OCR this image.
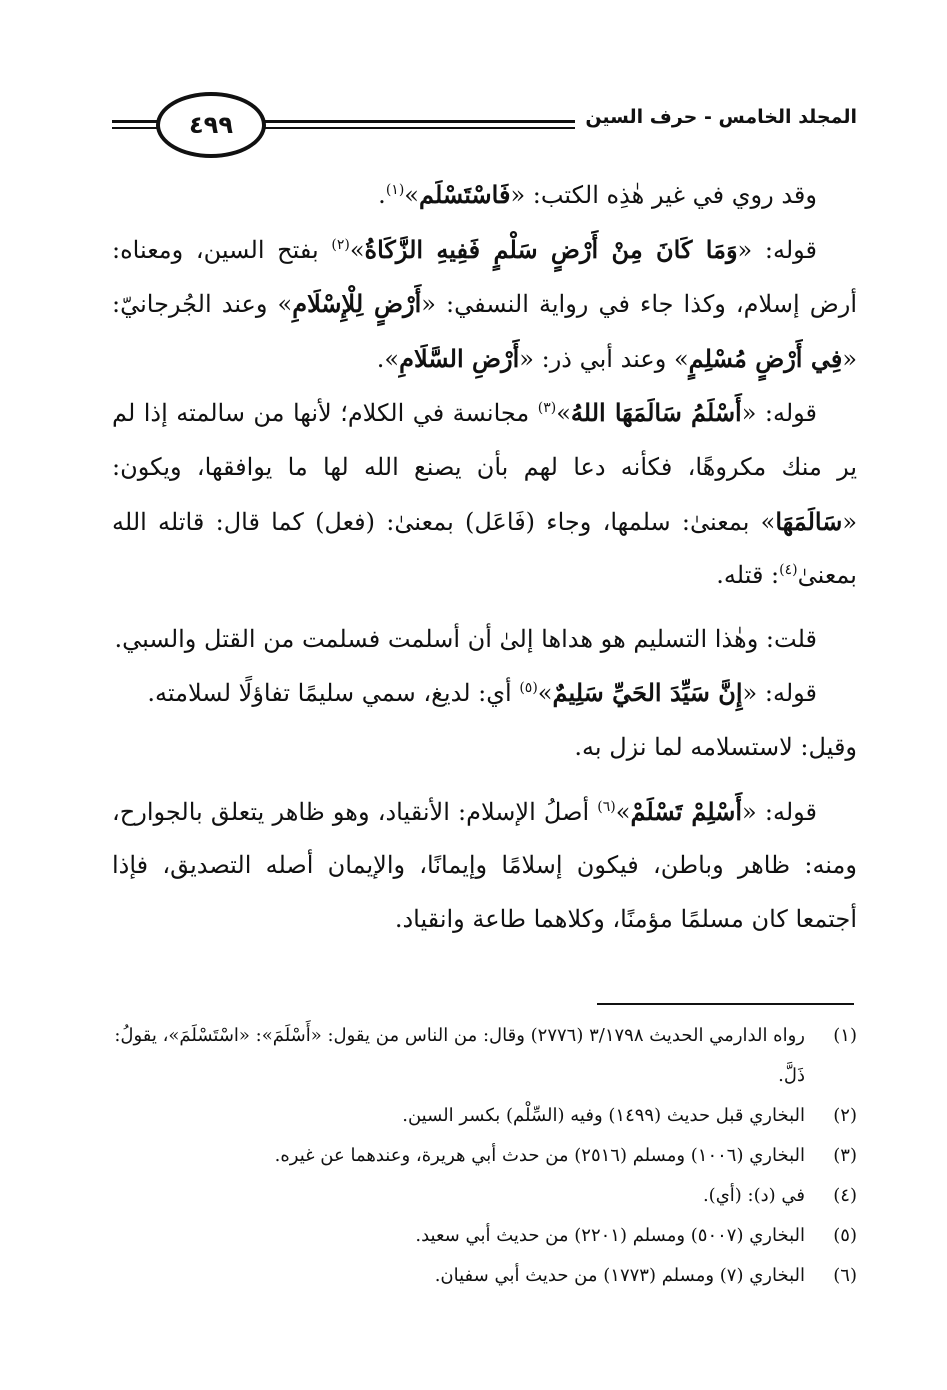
المجلد الخامس - حرف السين
٤٩٩

وقد روي في غير هٰذِه الكتب: «فَاسْتَسْلَم»$^{(١)}$.

قوله: «وَمَا كَانَ مِنْ أَرْضٍ سَلْمٍ فَفِيهِ الزَّكَاةُ»$^{(٢)}$ بفتح السين، ومعناه: أرض إسلام، وكذا جاء في رواية النسفي: «أَرْضٍ لِلْإِسْلَامِ» وعند الجُرجانيّ: «فِي أَرْضٍ مُسْلِمٍ» وعند أبي ذر: «أَرْضِ السَّلَامِ».

قوله: «أَسْلَمُ سَالَمَهَا اللهُ»$^{(٣)}$ مجانسة في الكلام؛ لأنها من سالمته إذا لم ير منك مكروهًا، فكأنه دعا لهم بأن يصنع الله لها ما يوافقها، ويكون: «سَالَمَهَا» بمعنىٰ: سلمها، وجاء (فَاعَل) بمعنىٰ: (فعل) كما قال: قاتله الله بمعنىٰ$^{(٤)}$: قتله.

قلت: وهٰذا التسليم هو هداها إلىٰ أن أسلمت فسلمت من القتل والسبي.

قوله: «إِنَّ سَيِّدَ الحَيِّ سَلِيمٌ»$^{(٥)}$ أي: لديغ، سمي سليمًا تفاؤلًا لسلامته.

وقيل: لاستسلامه لما نزل به.

قوله: «أَسْلِمْ تَسْلَمْ»$^{(٦)}$ أصلُ الإسلام: الأنقياد، وهو ظاهر يتعلق بالجوارح، ومنه: ظاهر وباطن، فيكون إسلامًا وإيمانًا، والإيمان أصله التصديق، فإذا أجتمعا كان مسلمًا مؤمنًا، وكلاهما طاعة وانقياد.

(١)
رواه الدارمي الحديث ٣/١٧٩٨ (٢٧٧٦) وقال: من الناس من يقول: «أَسْلَمَ»: «اسْتَسْلَمَ»، يقولُ: ذَلَّ.
(٢)
البخاري قبل حديث (١٤٩٩) وفيه (السِّلْم) بكسر السين.
(٣)
البخاري (١٠٠٦) ومسلم (٢٥١٦) من حدث أبي هريرة، وعندهما عن غيره.
(٤)
في (د): (أي).
(٥)
البخاري (٥٠٠٧) ومسلم (٢٢٠١) من حديث أبي سعيد.
(٦)
البخاري (٧) ومسلم (١٧٧٣) من حديث أبي سفيان.
